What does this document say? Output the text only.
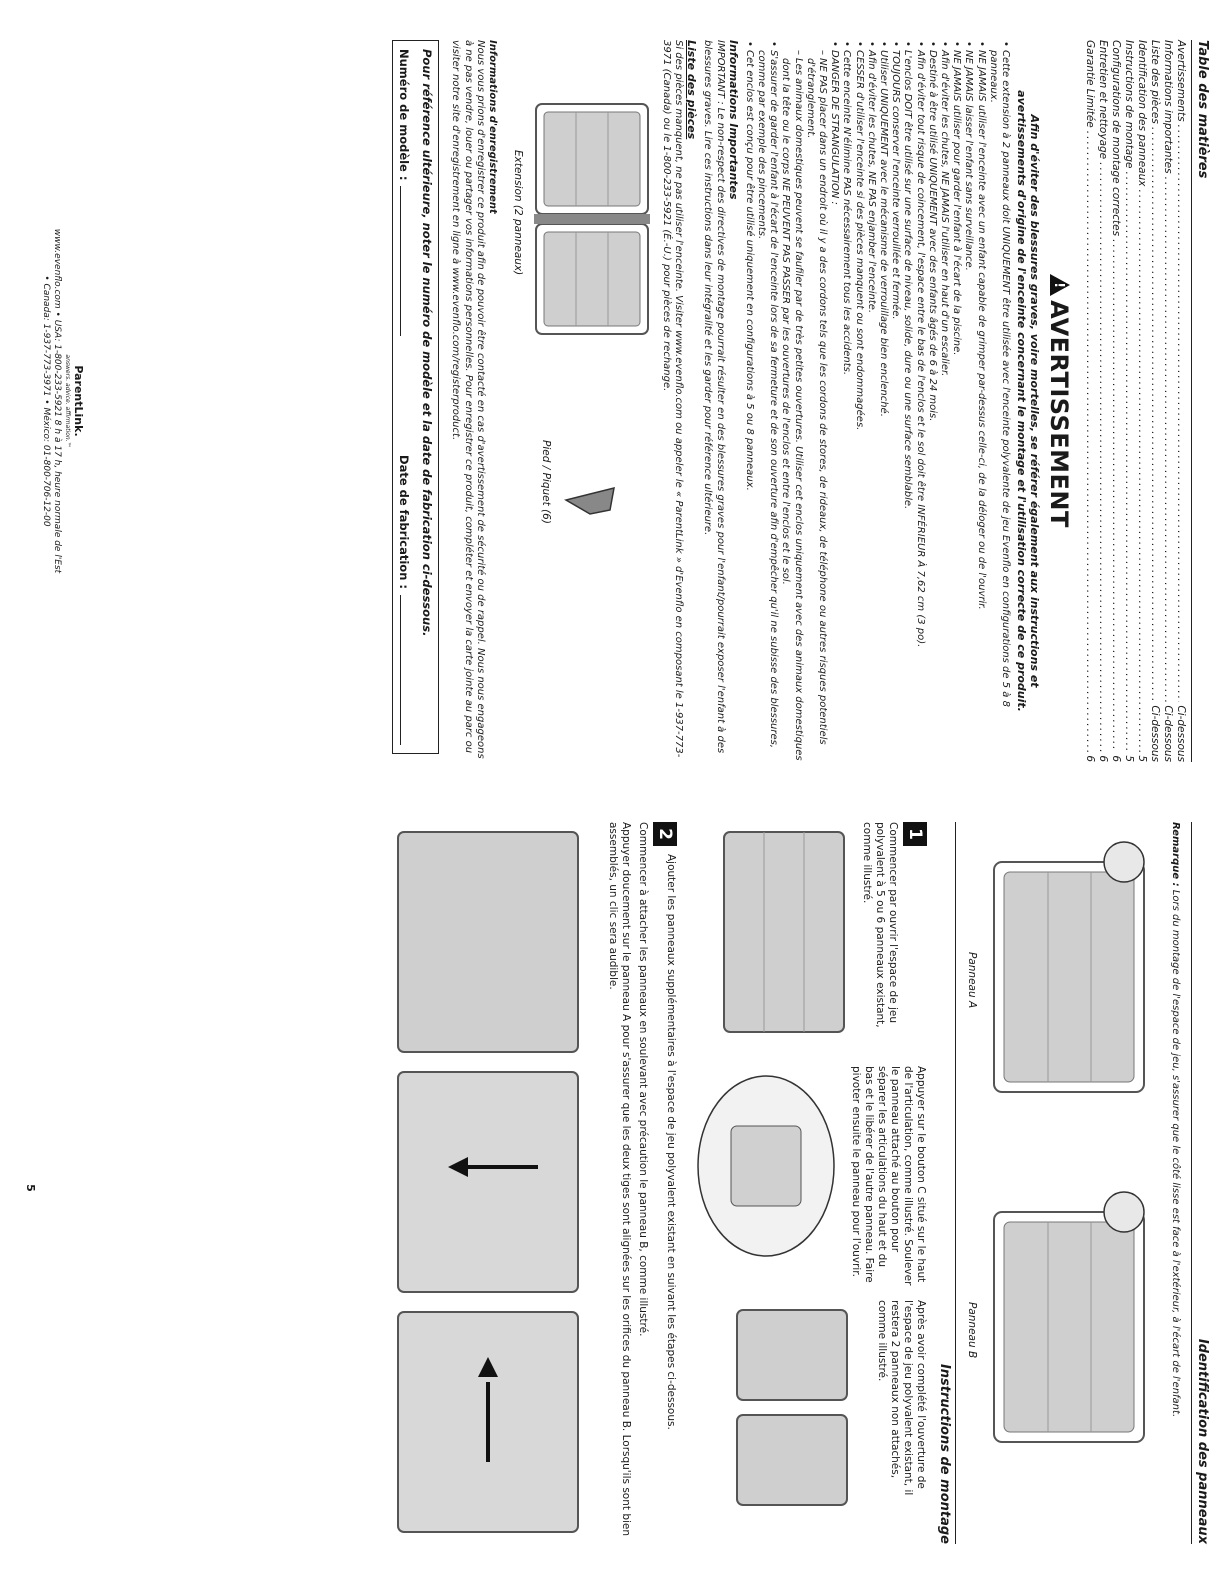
Table des matières
Avertissements
.....
Ci-dessous
Informations importantes
.....
Ci-dessous
Liste des pièces
.....
Ci-dessous
Identification des panneaux
.....
5
Instructions de montage
.....
5
Configurations de montage correctes
.....
6
Entretien et nettoyage
.....
6
Garantie Limitée
.....
6
!AVERTISSEMENT
Afin d'éviter des blessures graves, voire mortelles, se référer également aux instructions et avertissements d'origine de l'enceinte concernant le montage et l'utilisation correcte de ce produit.
• Cette extension à 2 panneaux doit UNIQUEMENT être utilisée avec l'enceinte polyvalente de jeu Evenflo en configurations de 5 à 8 panneaux.
• NE JAMAIS utiliser l'enceinte avec un enfant capable de grimper par-dessus celle-ci, de la déloger ou de l'ouvrir.
• NE JAMAIS laisser l'enfant sans surveillance.
• NE JAMAIS utiliser pour garder l'enfant à l'écart de la piscine.
• Afin d'éviter les chutes, NE JAMAIS l'utiliser en haut d'un escalier.
• Destiné à être utilisé UNIQUEMENT avec des enfants âgés de 6 à 24 mois.
• Afin d'éviter tout risque de coincement, l'espace entre le bas de l'enclos et le sol doit être INFÉRIEUR À 7,62 cm (3 po).
• L'enclos DOIT être utilisé sur une surface de niveau, solide, dure ou une surface semblable.
• TOUJOURS conserver l'enceinte verrouillée et fermée.
• Utiliser UNIQUEMENT avec le mécanisme de verrouillage bien enclenché.
• Afin d'éviter les chutes, NE PAS enjamber l'enceinte.
• CESSER d'utiliser l'enceinte si des pièces manquent ou sont endommagées.
• Cette enceinte N'élimine PAS nécessairement tous les accidents.
• DANGER DE STRANGULATION :
– NE PAS placer dans un endroit où il y a des cordons tels que les cordons de stores, de rideaux, de téléphone ou autres risques potentiels d'étranglement.
– Les animaux domestiques peuvent se faufiler par de très petites ouvertures. Utiliser cet enclos uniquement avec des animaux domestiques dont la tête ou le corps NE PEUVENT PAS PASSER par les ouvertures de l'enclos et entre l'enclos et le sol.
• S'assurer de garder l'enfant à l'écart de l'enceinte lors de sa fermeture et de son ouverture afin d'empêcher qu'il ne subisse des blessures, comme par exemple des pincements.
• Cet enclos est conçu pour être utilisé uniquement en configurations à 5 ou 8 panneaux.
Informations Importantes

IMPORTANT : Le non-respect des directives de montage pourrait résulter en des blessures graves pour l'enfant/pourrait exposer l'enfant à des blessures graves. Lire ces instructions dans leur intégralité et les garder pour référence ultérieure.

Liste des pièces

Si des pièces manquent, ne pas utiliser l'enceinte. Visiter www.evenflo.com ou appeler le « ParentLink » d'Evenflo en composant le 1-937-773-3971 (Canada) ou le 1-800-233-5921 (É.-U.) pour pièces de rechange.

Extension (2 panneaux)
Pied / Piquet (6)
Informations d'enregistrement

Nous vous prions d'enregistrer ce produit afin de pouvoir être contacté en cas d'avertissement de sécurité ou de rappel. Nous nous engageons à ne pas vendre, louer ou partager vos informations personnelles. Pour enregistrer ce produit, compléter et envoyer la carte jointe au parc ou visiter notre site d'enregistrement en ligne à www.evenflo.com/registerproduct.

Pour référence ultérieure, noter le numéro de modèle et la date de fabrication ci-dessous.
Numéro de modèle :
Date de fabrication :
ParentLink.
answers. advice. affirmation.™
www.evenflo.com • USA: 1-800-233-5921 8 h à 17 h, heure normale de l'Est
• Canada: 1-937-773-3971 • México: 01-800-706-12-00
Identification des panneaux
Remarque : Lors du montage de l'espace de jeu, s'assurer que le côté lisse est face à l'extérieur, à l'écart de l'enfant.
Panneau A
Panneau B
Instructions de montage
1
Commencer par ouvrir l'espace de jeu polyvalent à 5 ou 6 panneaux existant, comme illustré.
Appuyer sur le bouton C situé sur le haut de l'articulation, comme illustré. Soulever le panneau attaché au bouton pour séparer les articulations du haut et du bas et le libérer de l'autre panneau. Faire pivoter ensuite le panneau pour l'ouvrir.
Après avoir complété l'ouverture de l'espace de jeu polyvalent existant, il restera 2 panneaux non attachés, comme illustré.
2
Ajouter les panneaux supplémentaires à l'espace de jeu polyvalent existant en suivant les étapes ci-dessous.
Commencer à attacher les panneaux en soulevant avec précaution le panneau B, comme illustré.
Appuyer doucement sur le panneau A pour s'assurer que les deux tiges sont alignées sur les orifices du panneau B. Lorsqu'ils sont bien assemblés, un clic sera audible.
5
